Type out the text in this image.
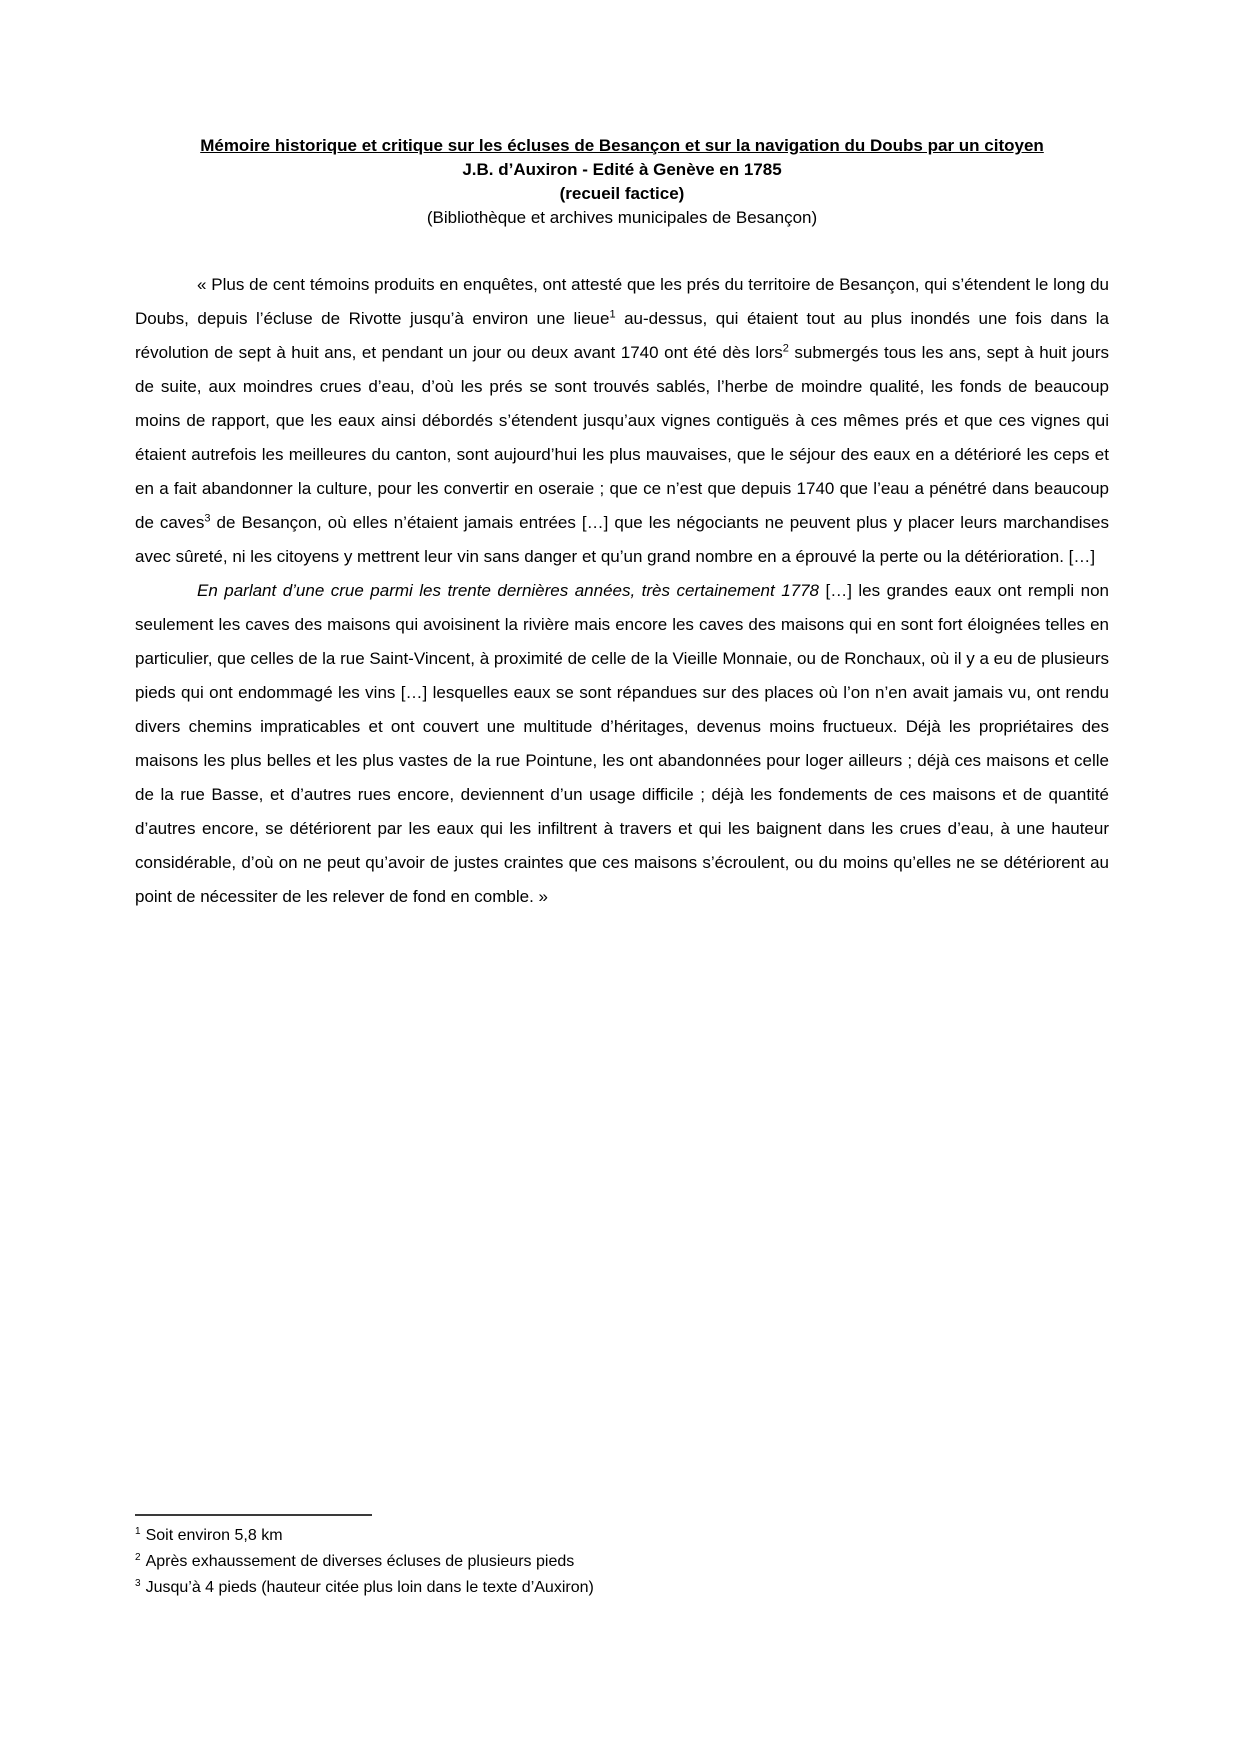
Mémoire historique et critique sur les écluses de Besançon et sur la navigation du Doubs par un citoyen
J.B. d’Auxiron - Edité à Genève en 1785
(recueil factice)
(Bibliothèque et archives municipales de Besançon)

« Plus de cent témoins produits en enquêtes, ont attesté que les prés du territoire de Besançon, qui s’étendent le long du Doubs, depuis l’écluse de Rivotte jusqu’à environ une lieue$^1$ au-dessus, qui étaient tout au plus inondés une fois dans la révolution de sept à huit ans, et pendant un jour ou deux avant 1740 ont été dès lors$^2$ submergés tous les ans, sept à huit jours de suite, aux moindres crues d’eau, d’où les prés se sont trouvés sablés, l’herbe de moindre qualité, les fonds de beaucoup moins de rapport, que les eaux ainsi débordés s’étendent jusqu’aux vignes contiguës à ces mêmes prés et que ces vignes qui étaient autrefois les meilleures du canton, sont aujourd’hui les plus mauvaises, que le séjour des eaux en a détérioré les ceps et en a fait abandonner la culture, pour les convertir en oseraie ; que ce n’est que depuis 1740 que l’eau a pénétré dans beaucoup de caves$^3$ de Besançon, où elles n’étaient jamais entrées […] que les négociants ne peuvent plus y placer leurs marchandises avec sûreté, ni les citoyens y mettrent leur vin sans danger et qu’un grand nombre en a éprouvé la perte ou la détérioration. […]

En parlant d’une crue parmi les trente dernières années, très certainement 1778 […] les grandes eaux ont rempli non seulement les caves des maisons qui avoisinent la rivière mais encore les caves des maisons qui en sont fort éloignées telles en particulier, que celles de la rue Saint-Vincent, à proximité de celle de la Vieille Monnaie, ou de Ronchaux, où il y a eu de plusieurs pieds qui ont endommagé les vins […] lesquelles eaux se sont répandues sur des places où l’on n’en avait jamais vu, ont rendu divers chemins impraticables et ont couvert une multitude d’héritages, devenus moins fructueux. Déjà les propriétaires des maisons les plus belles et les plus vastes de la rue Pointune, les ont abandonnées pour loger ailleurs ; déjà ces maisons et celle de la rue Basse, et d’autres rues encore, deviennent d’un usage difficile ; déjà les fondements de ces maisons et de quantité d’autres encore, se détériorent par les eaux qui les infiltrent à travers et qui les baignent dans les crues d’eau, à une hauteur considérable, d’où on ne peut qu’avoir de justes craintes que ces maisons s’écroulent, ou du moins qu’elles ne se détériorent au point de nécessiter de les relever de fond en comble. »

$^1$ Soit environ 5,8 km
$^2$ Après exhaussement de diverses écluses de plusieurs pieds
$^3$ Jusqu’à 4 pieds (hauteur citée plus loin dans le texte d’Auxiron)
